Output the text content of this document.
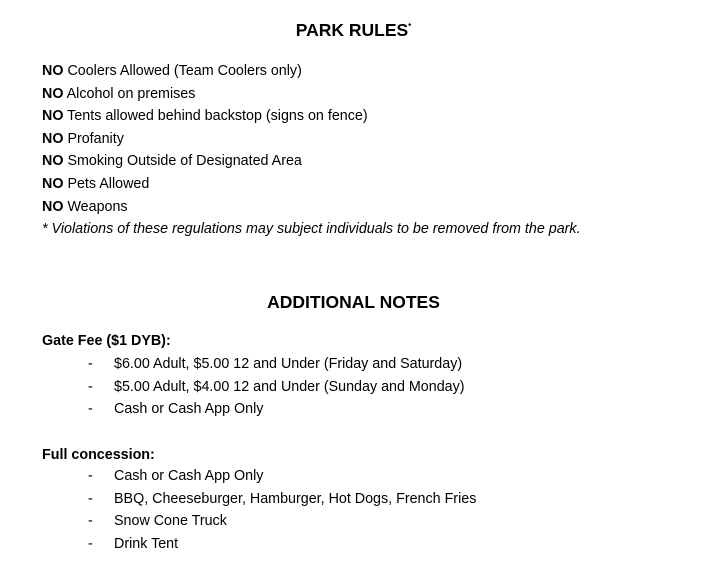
PARK RULES*
NO Coolers Allowed (Team Coolers only)
NO Alcohol on premises
NO Tents allowed behind backstop (signs on fence)
NO Profanity
NO Smoking Outside of Designated Area
NO Pets Allowed
NO Weapons
* Violations of these regulations may subject individuals to be removed from the park.
ADDITIONAL NOTES

Gate Fee ($1 DYB):

- $6.00 Adult, $5.00 12 and Under (Friday and Saturday)
- $5.00 Adult, $4.00 12 and Under (Sunday and Monday)
- Cash or Cash App Only

Full concession:

- Cash or Cash App Only
- BBQ, Cheeseburger, Hamburger, Hot Dogs, French Fries
- Snow Cone Truck
- Drink Tent
